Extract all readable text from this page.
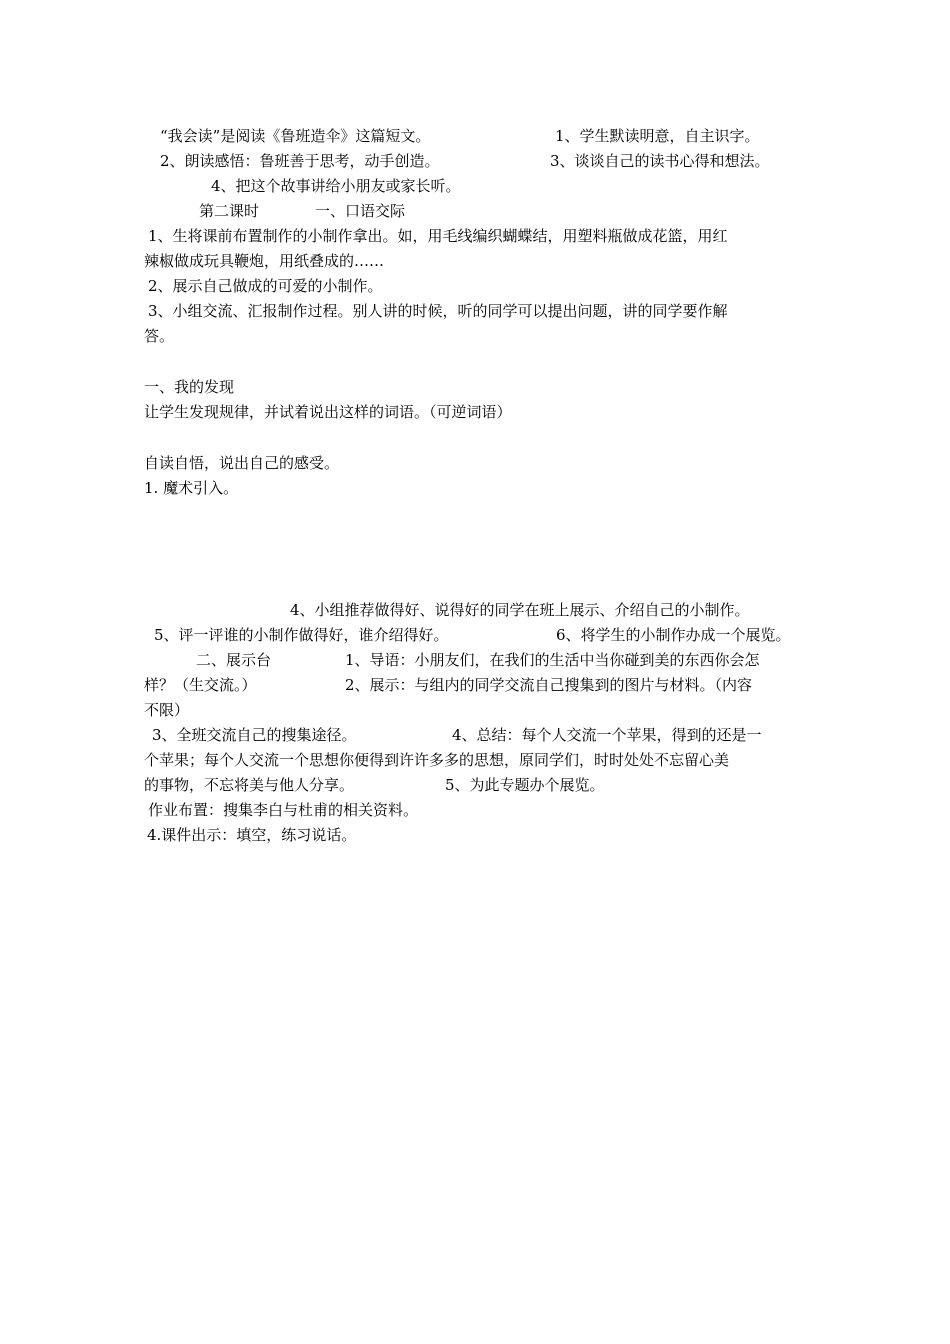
“我会读”是阅读《鲁班造伞》这篇短文。	1、学生默读明意，自主识字。
2、朗读感悟：鲁班善于思考，动手创造。	3、谈谈自己的读书心得和想法。
4、把这个故事讲给小朋友或家长听。
第二课时	一、口语交际
1、生将课前布置制作的小制作拿出。如，用毛线编织蝴蝶结，用塑料瓶做成花篮，用红
辣椒做成玩具鞭炮，用纸叠成的……
2、展示自己做成的可爱的小制作。
3、小组交流、汇报制作过程。别人讲的时候，听的同学可以提出问题，讲的同学要作解
答。
一、我的发现
让学生发现规律，并试着说出这样的词语。（可逆词语）
自读自悟，说出自己的感受。
1. 魔术引入。
4、小组推荐做得好、说得好的同学在班上展示、介绍自己的小制作。
5、评一评谁的小制作做得好，谁介绍得好。	6、将学生的小制作办成一个展览。
二、展示台	1、导语：小朋友们，在我们的生活中当你碰到美的东西你会怎
样？（生交流。）	2、展示：与组内的同学交流自己搜集到的图片与材料。（内容
不限）
3、全班交流自己的搜集途径。	4、总结：每个人交流一个苹果，得到的还是一
个苹果；每个人交流一个思想你便得到许许多多的思想，原同学们，时时处处不忘留心美
的事物，不忘将美与他人分享。	5、为此专题办个展览。
作业布置：搜集李白与杜甫的相关资料。
4.课件出示：填空，练习说话。
